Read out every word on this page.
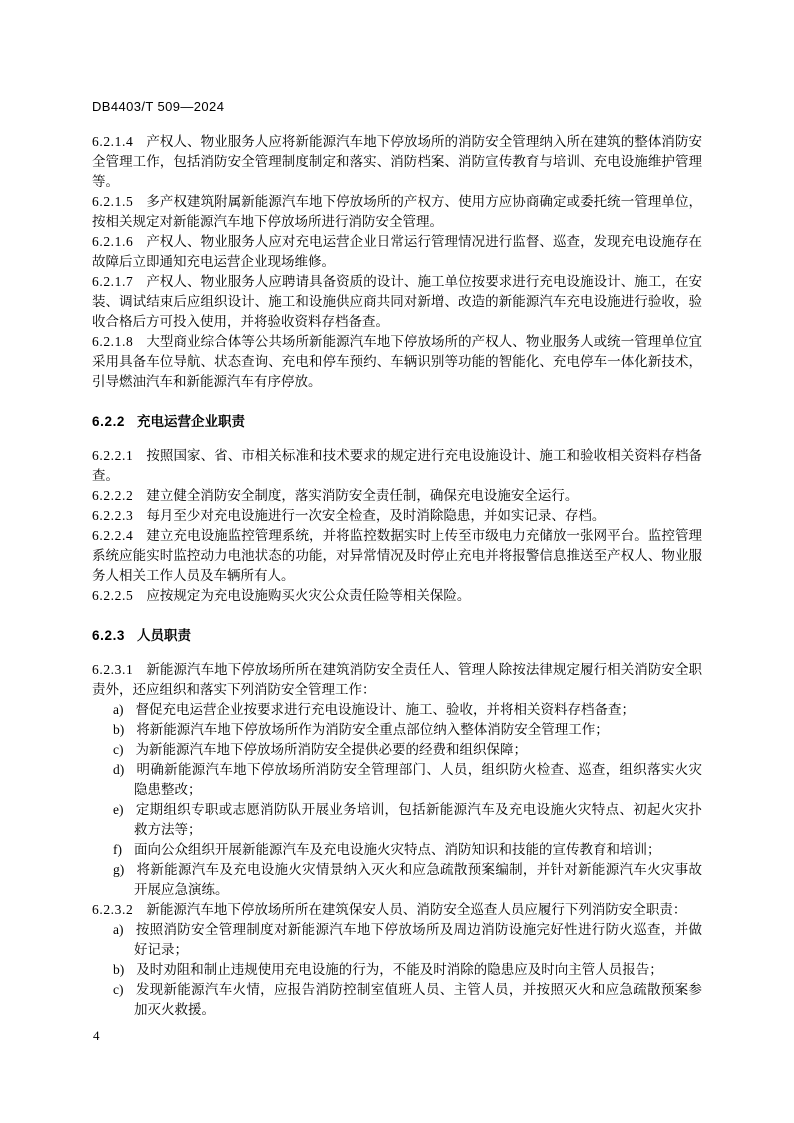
DB4403/T 509—2024

6.2.1.4 产权人、物业服务人应将新能源汽车地下停放场所的消防安全管理纳入所在建筑的整体消防安全管理工作，包括消防安全管理制度制定和落实、消防档案、消防宣传教育与培训、充电设施维护管理等。

6.2.1.5 多产权建筑附属新能源汽车地下停放场所的产权方、使用方应协商确定或委托统一管理单位，按相关规定对新能源汽车地下停放场所进行消防安全管理。

6.2.1.6 产权人、物业服务人应对充电运营企业日常运行管理情况进行监督、巡查，发现充电设施存在故障后立即通知充电运营企业现场维修。

6.2.1.7 产权人、物业服务人应聘请具备资质的设计、施工单位按要求进行充电设施设计、施工，在安装、调试结束后应组织设计、施工和设施供应商共同对新增、改造的新能源汽车充电设施进行验收，验收合格后方可投入使用，并将验收资料存档备查。

6.2.1.8 大型商业综合体等公共场所新能源汽车地下停放场所的产权人、物业服务人或统一管理单位宜采用具备车位导航、状态查询、充电和停车预约、车辆识别等功能的智能化、充电停车一体化新技术，引导燃油汽车和新能源汽车有序停放。

6.2.2 充电运营企业职责

6.2.2.1 按照国家、省、市相关标准和技术要求的规定进行充电设施设计、施工和验收相关资料存档备查。

6.2.2.2 建立健全消防安全制度，落实消防安全责任制，确保充电设施安全运行。

6.2.2.3 每月至少对充电设施进行一次安全检查，及时消除隐患，并如实记录、存档。

6.2.2.4 建立充电设施监控管理系统，并将监控数据实时上传至市级电力充储放一张网平台。监控管理系统应能实时监控动力电池状态的功能，对异常情况及时停止充电并将报警信息推送至产权人、物业服务人相关工作人员及车辆所有人。

6.2.2.5 应按规定为充电设施购买火灾公众责任险等相关保险。

6.2.3 人员职责

6.2.3.1 新能源汽车地下停放场所所在建筑消防安全责任人、管理人除按法律规定履行相关消防安全职责外，还应组织和落实下列消防安全管理工作：

a) 督促充电运营企业按要求进行充电设施设计、施工、验收，并将相关资料存档备查；
b) 将新能源汽车地下停放场所作为消防安全重点部位纳入整体消防安全管理工作；
c) 为新能源汽车地下停放场所消防安全提供必要的经费和组织保障；
d) 明确新能源汽车地下停放场所消防安全管理部门、人员，组织防火检查、巡查，组织落实火灾隐患整改；
e) 定期组织专职或志愿消防队开展业务培训，包括新能源汽车及充电设施火灾特点、初起火灾扑救方法等；
f) 面向公众组织开展新能源汽车及充电设施火灾特点、消防知识和技能的宣传教育和培训；
g) 将新能源汽车及充电设施火灾情景纳入灭火和应急疏散预案编制，并针对新能源汽车火灾事故开展应急演练。

6.2.3.2 新能源汽车地下停放场所所在建筑保安人员、消防安全巡查人员应履行下列消防安全职责：

a) 按照消防安全管理制度对新能源汽车地下停放场所及周边消防设施完好性进行防火巡查，并做好记录；
b) 及时劝阻和制止违规使用充电设施的行为，不能及时消除的隐患应及时向主管人员报告；
c) 发现新能源汽车火情，应报告消防控制室值班人员、主管人员，并按照灭火和应急疏散预案参加灭火救援。
4
